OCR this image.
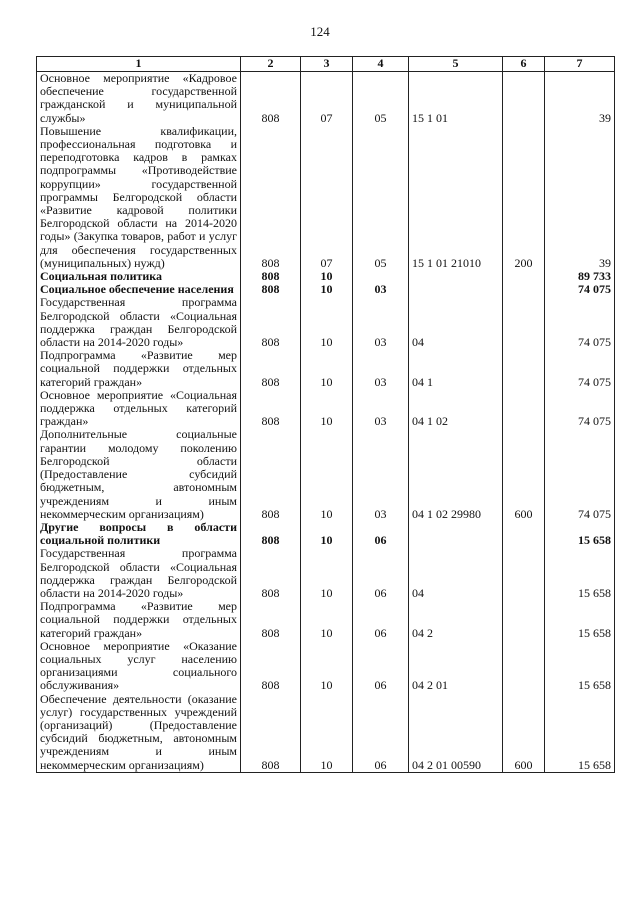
124
1	2	3	4	5	6	7
Основное мероприятие «Кадровое обеспечение государственной гражданской и муниципальной службы»	808	07	05	15 1 01		39
Повышение квалификации, профессиональная подготовка и переподготовка кадров в рамках подпрограммы «Противодействие коррупции» государственной программы Белгородской области «Развитие кадровой политики Белгородской области на 2014-2020 годы» (Закупка товаров, работ и услуг для обеспечения государственных (муниципальных) нужд)	808	07	05	15 1 01 21010	200	39
Социальная политика	808	10				89 733
Социальное обеспечение населения	808	10	03			74 075
Государственная программа Белгородской области «Социальная поддержка граждан Белгородской области на 2014-2020 годы»	808	10	03	04		74 075
Подпрограмма «Развитие мер социальной поддержки отдельных категорий граждан»	808	10	03	04 1		74 075
Основное мероприятие «Социальная поддержка отдельных категорий граждан»	808	10	03	04 1 02		74 075
Дополнительные социальные гарантии молодому поколению Белгородской области (Предоставление субсидий бюджетным, автономным учреждениям и иным некоммерческим организациям)	808	10	03	04 1 02 29980	600	74 075
Другие вопросы в области социальной политики	808	10	06			15 658
Государственная программа Белгородской области «Социальная поддержка граждан Белгородской области на 2014-2020 годы»	808	10	06	04		15 658
Подпрограмма «Развитие мер социальной поддержки отдельных категорий граждан»	808	10	06	04 2		15 658
Основное мероприятие «Оказание социальных услуг населению организациями социального обслуживания»	808	10	06	04 2 01		15 658
Обеспечение деятельности (оказание услуг) государственных учреждений (организаций) (Предоставление субсидий бюджетным, автономным учреждениям и иным некоммерческим организациям)	808	10	06	04 2 01 00590	600	15 658
